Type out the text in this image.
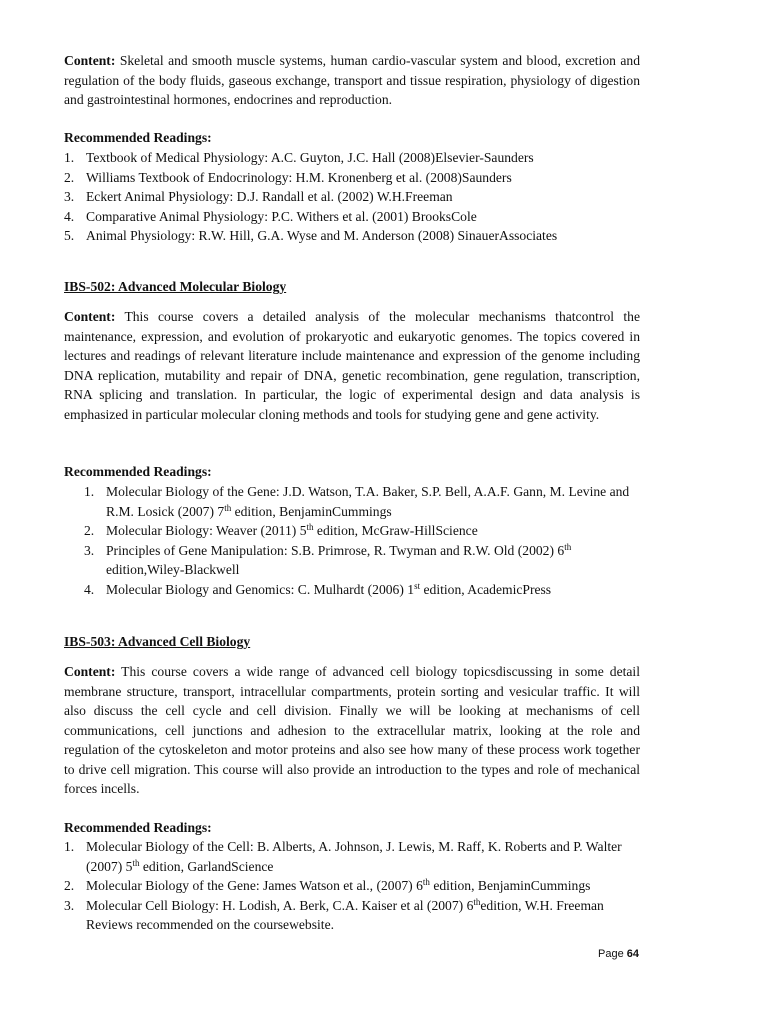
Content: Skeletal and smooth muscle systems, human cardio-vascular system and blood, excretion and regulation of the body fluids, gaseous exchange, transport and tissue respiration, physiology of digestion and gastrointestinal hormones, endocrines and reproduction.
Recommended Readings:
1. Textbook of Medical Physiology: A.C. Guyton, J.C. Hall (2008)Elsevier-Saunders
2. Williams Textbook of Endocrinology: H.M. Kronenberg et al. (2008)Saunders
3. Eckert Animal Physiology: D.J. Randall et al. (2002) W.H.Freeman
4. Comparative Animal Physiology: P.C. Withers et al. (2001) BrooksCole
5. Animal Physiology: R.W. Hill, G.A. Wyse and M. Anderson (2008) SinauerAssociates
IBS-502: Advanced Molecular Biology
Content: This course covers a detailed analysis of the molecular mechanisms thatcontrol the maintenance, expression, and evolution of prokaryotic and eukaryotic genomes. The topics covered in lectures and readings of relevant literature include maintenance and expression of the genome including DNA replication, mutability and repair of DNA, genetic recombination, gene regulation, transcription, RNA splicing and translation. In particular, the logic of experimental design and data analysis is emphasized in particular molecular cloning methods and tools for studying gene and gene activity.
Recommended Readings:
1. Molecular Biology of the Gene: J.D. Watson, T.A. Baker, S.P. Bell, A.A.F. Gann, M. Levine and R.M. Losick (2007) 7th edition, BenjaminCummings
2. Molecular Biology: Weaver (2011) 5th edition, McGraw-HillScience
3. Principles of Gene Manipulation: S.B. Primrose, R. Twyman and R.W. Old (2002) 6th edition,Wiley-Blackwell
4. Molecular Biology and Genomics: C. Mulhardt (2006) 1st edition, AcademicPress
IBS-503: Advanced Cell Biology
Content: This course covers a wide range of advanced cell biology topicsdiscussing in some detail membrane structure, transport, intracellular compartments, protein sorting and vesicular traffic. It will also discuss the cell cycle and cell division. Finally we will be looking at mechanisms of cell communications, cell junctions and adhesion to the extracellular matrix, looking at the role and regulation of the cytoskeleton and motor proteins and also see how many of these process work together to drive cell migration. This course will also provide an introduction to the types and role of mechanical forces incells.
Recommended Readings:
1. Molecular Biology of the Cell: B. Alberts, A. Johnson, J. Lewis, M. Raff, K. Roberts and P. Walter (2007) 5th edition, GarlandScience
2. Molecular Biology of the Gene: James Watson et al., (2007) 6th edition, BenjaminCummings
3. Molecular Cell Biology: H. Lodish, A. Berk, C.A. Kaiser et al (2007) 6thedition, W.H. Freeman Reviews recommended on the coursewebsite.
Page 64
